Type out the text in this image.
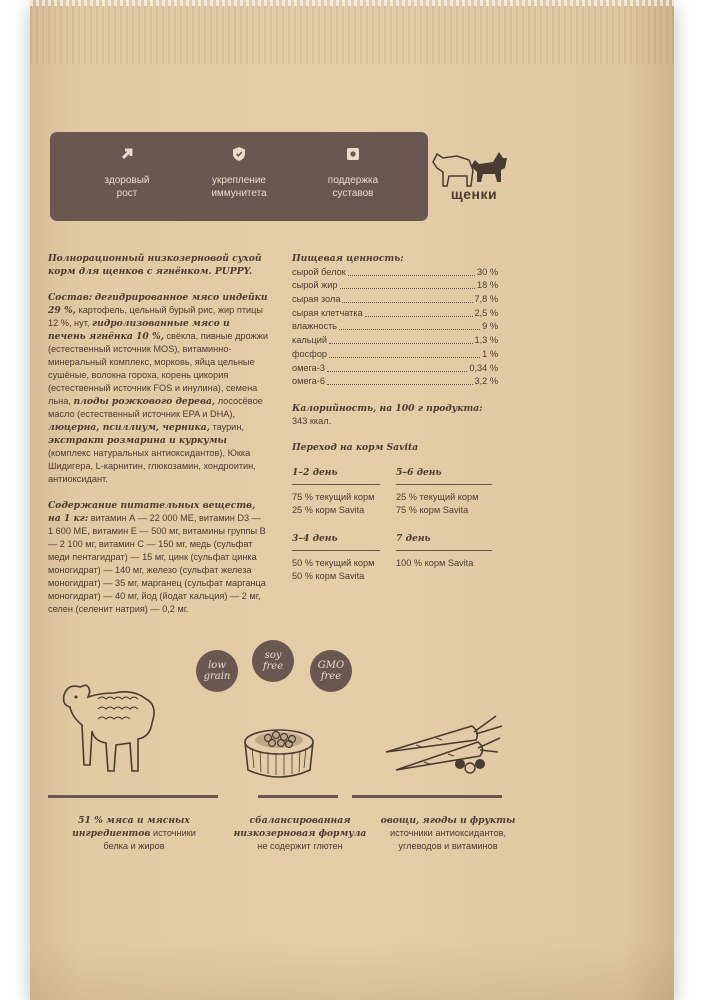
здоровый
рост
укрепление
иммунитета
поддержка
суставов	щенки

Полнорационный низкозерновой сухой корм для щенков с ягнёнком. PUPPY.

Состав: дегидрированное мясо индейки 29 %, картофель, цельный бурый рис, жир птицы 12 %, нут, гидролизованные мясо и печень ягнёнка 10 %, свёкла, пивные дрожжи (естественный источник MOS), витаминно-минеральный комплекс, морковь, яйца цельные сушёные, волокна гороха, корень цикория (естественный источник FOS и инулина), семена льна, плоды рожкового дерева, лососёвое масло (естественный источник EPA и DHA), люцерна, псиллиум, черника, таурин, экстракт розмарина и куркумы (комплекс натуральных антиоксидантов), Юкка Шидигера, L-карнитин, глюкозамин, хондроитин, антиоксидант.

Содержание питательных веществ, на 1 кг: витамин А — 22 000 МЕ, витамин D3 — 1 600 МЕ, витамин Е — 500 мг, витамины группы В — 2 100 мг, витамин С — 150 мг, медь (сульфат меди пентагидрат) — 15 мг, цинк (сульфат цинка моногидрат) — 140 мг, железо (сульфат железа моногидрат) — 35 мг, марганец (сульфат марганца моногидрат) — 40 мг, йод (йодат кальция) — 2 мг, селен (селенит натрия) — 0,2 мг.

Пищевая ценность:

сырой белок	30 %
сырой жир	18 %
сырая зола	7,8 %
сырая клетчатка	2,5 %
влажность	9 %
кальций	1,3 %
фосфор	1 %
омега-3	0,34 %
омега-6	3,2 %

Калорийность, на 100 г продукта:

343 ккал.

Переход на корм Savita

1–2 день
75 % текущий корм
25 % корм Savita
5–6 день
25 % текущий корм
75 % корм Savita
3–4 день
50 % текущий корм
50 % корм Savita
7 день
100 % корм Savita
low
grain
soy
free	GMO
free
51 % мяса и мясных
ингредиентов источники
белка и жиров
сбалансированная
низкозерновая формула
не содержит глютен
овощи, ягоды и фрукты
источники антиоксидантов,
углеводов и витаминов
